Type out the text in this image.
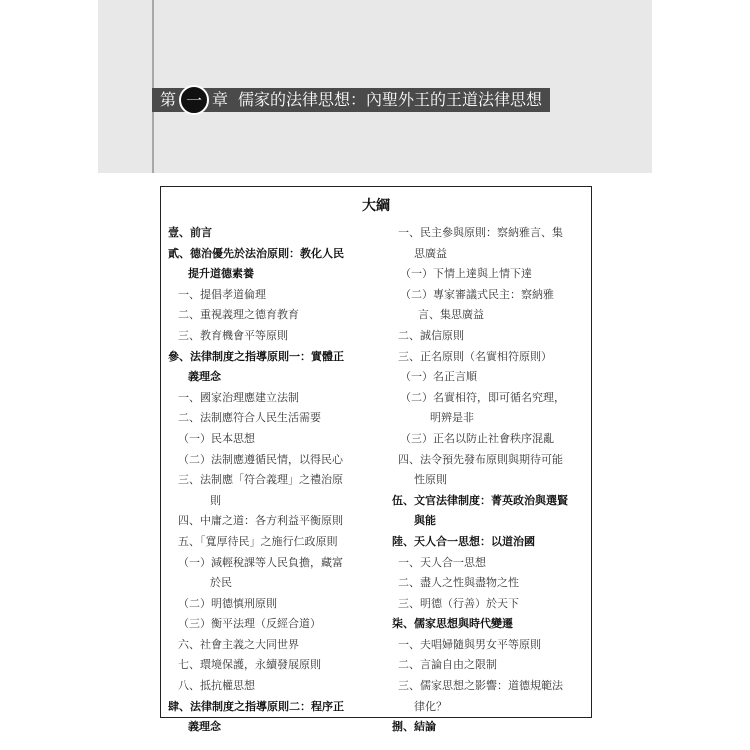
第 一 章 儒家的法律思想：內聖外王的王道法律思想
大綱
壹、前言
貳、德治優先於法治原則：教化人民
提升道德素養
一、提倡孝道倫理
二、重視義理之德育教育
三、教育機會平等原則
參、法律制度之指導原則一：實體正
義理念
一、國家治理應建立法制
二、法制應符合人民生活需要
（一）民本思想
（二）法制應遵循民情，以得民心
三、法制應「符合義理」之禮治原
則
四、中庸之道：各方利益平衡原則
五、「寬厚待民」之施行仁政原則
（一）減輕稅課等人民負擔，藏富
於民
（二）明德慎刑原則
（三）衡平法理（反經合道）
六、社會主義之大同世界
七、環境保護，永續發展原則
八、抵抗權思想
肆、法律制度之指導原則二：程序正
義理念
一、民主參與原則：察納雅言、集
思廣益
（一）下情上達與上情下達
（二）專家審議式民主：察納雅
言、集思廣益
二、誠信原則
三、正名原則（名實相符原則）
（一）名正言順
（二）名實相符，即可循名究理，
明辨是非
（三）正名以防止社會秩序混亂
四、法令預先發布原則與期待可能
性原則
伍、文官法律制度：菁英政治與選賢
與能
陸、天人合一思想：以道治國
一、天人合一思想
二、盡人之性與盡物之性
三、明德（行善）於天下
柒、儒家思想與時代變遷
一、夫唱婦隨與男女平等原則
二、言論自由之限制
三、儒家思想之影響：道德規範法
律化？
捌、結論
